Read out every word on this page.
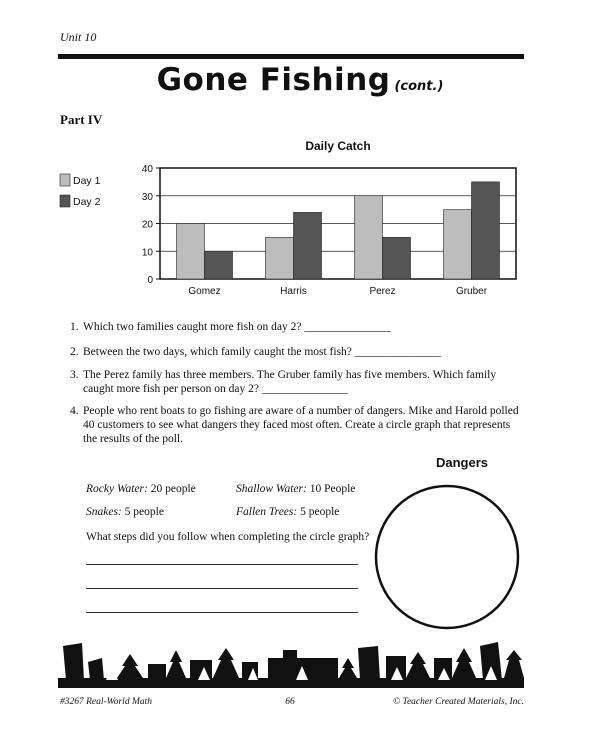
Unit 10
Gone Fishing (cont.)
Part IV
Daily Catch
0
10
20
30
40
Gomez	Harris	Perez	Gruber
Day 1
Day 2
1. Which two families caught more fish on day 2? _______________
2. Between the two days, which family caught the most fish? _______________
3. The Perez family has three members. The Gruber family has five members. Which family caught more fish per person on day 2? _______________
4. People who rent boats to go fishing are aware of a number of dangers. Mike and Harold polled 40 customers to see what dangers they faced most often. Create a circle graph that represents the results of the poll.
Rocky Water: 20 people	Shallow Water: 10 People
Snakes: 5 people	Fallen Trees: 5 people
What steps did you follow when completing the circle graph?
Dangers
#3267 Real-World Math	66	© Teacher Created Materials, Inc.
